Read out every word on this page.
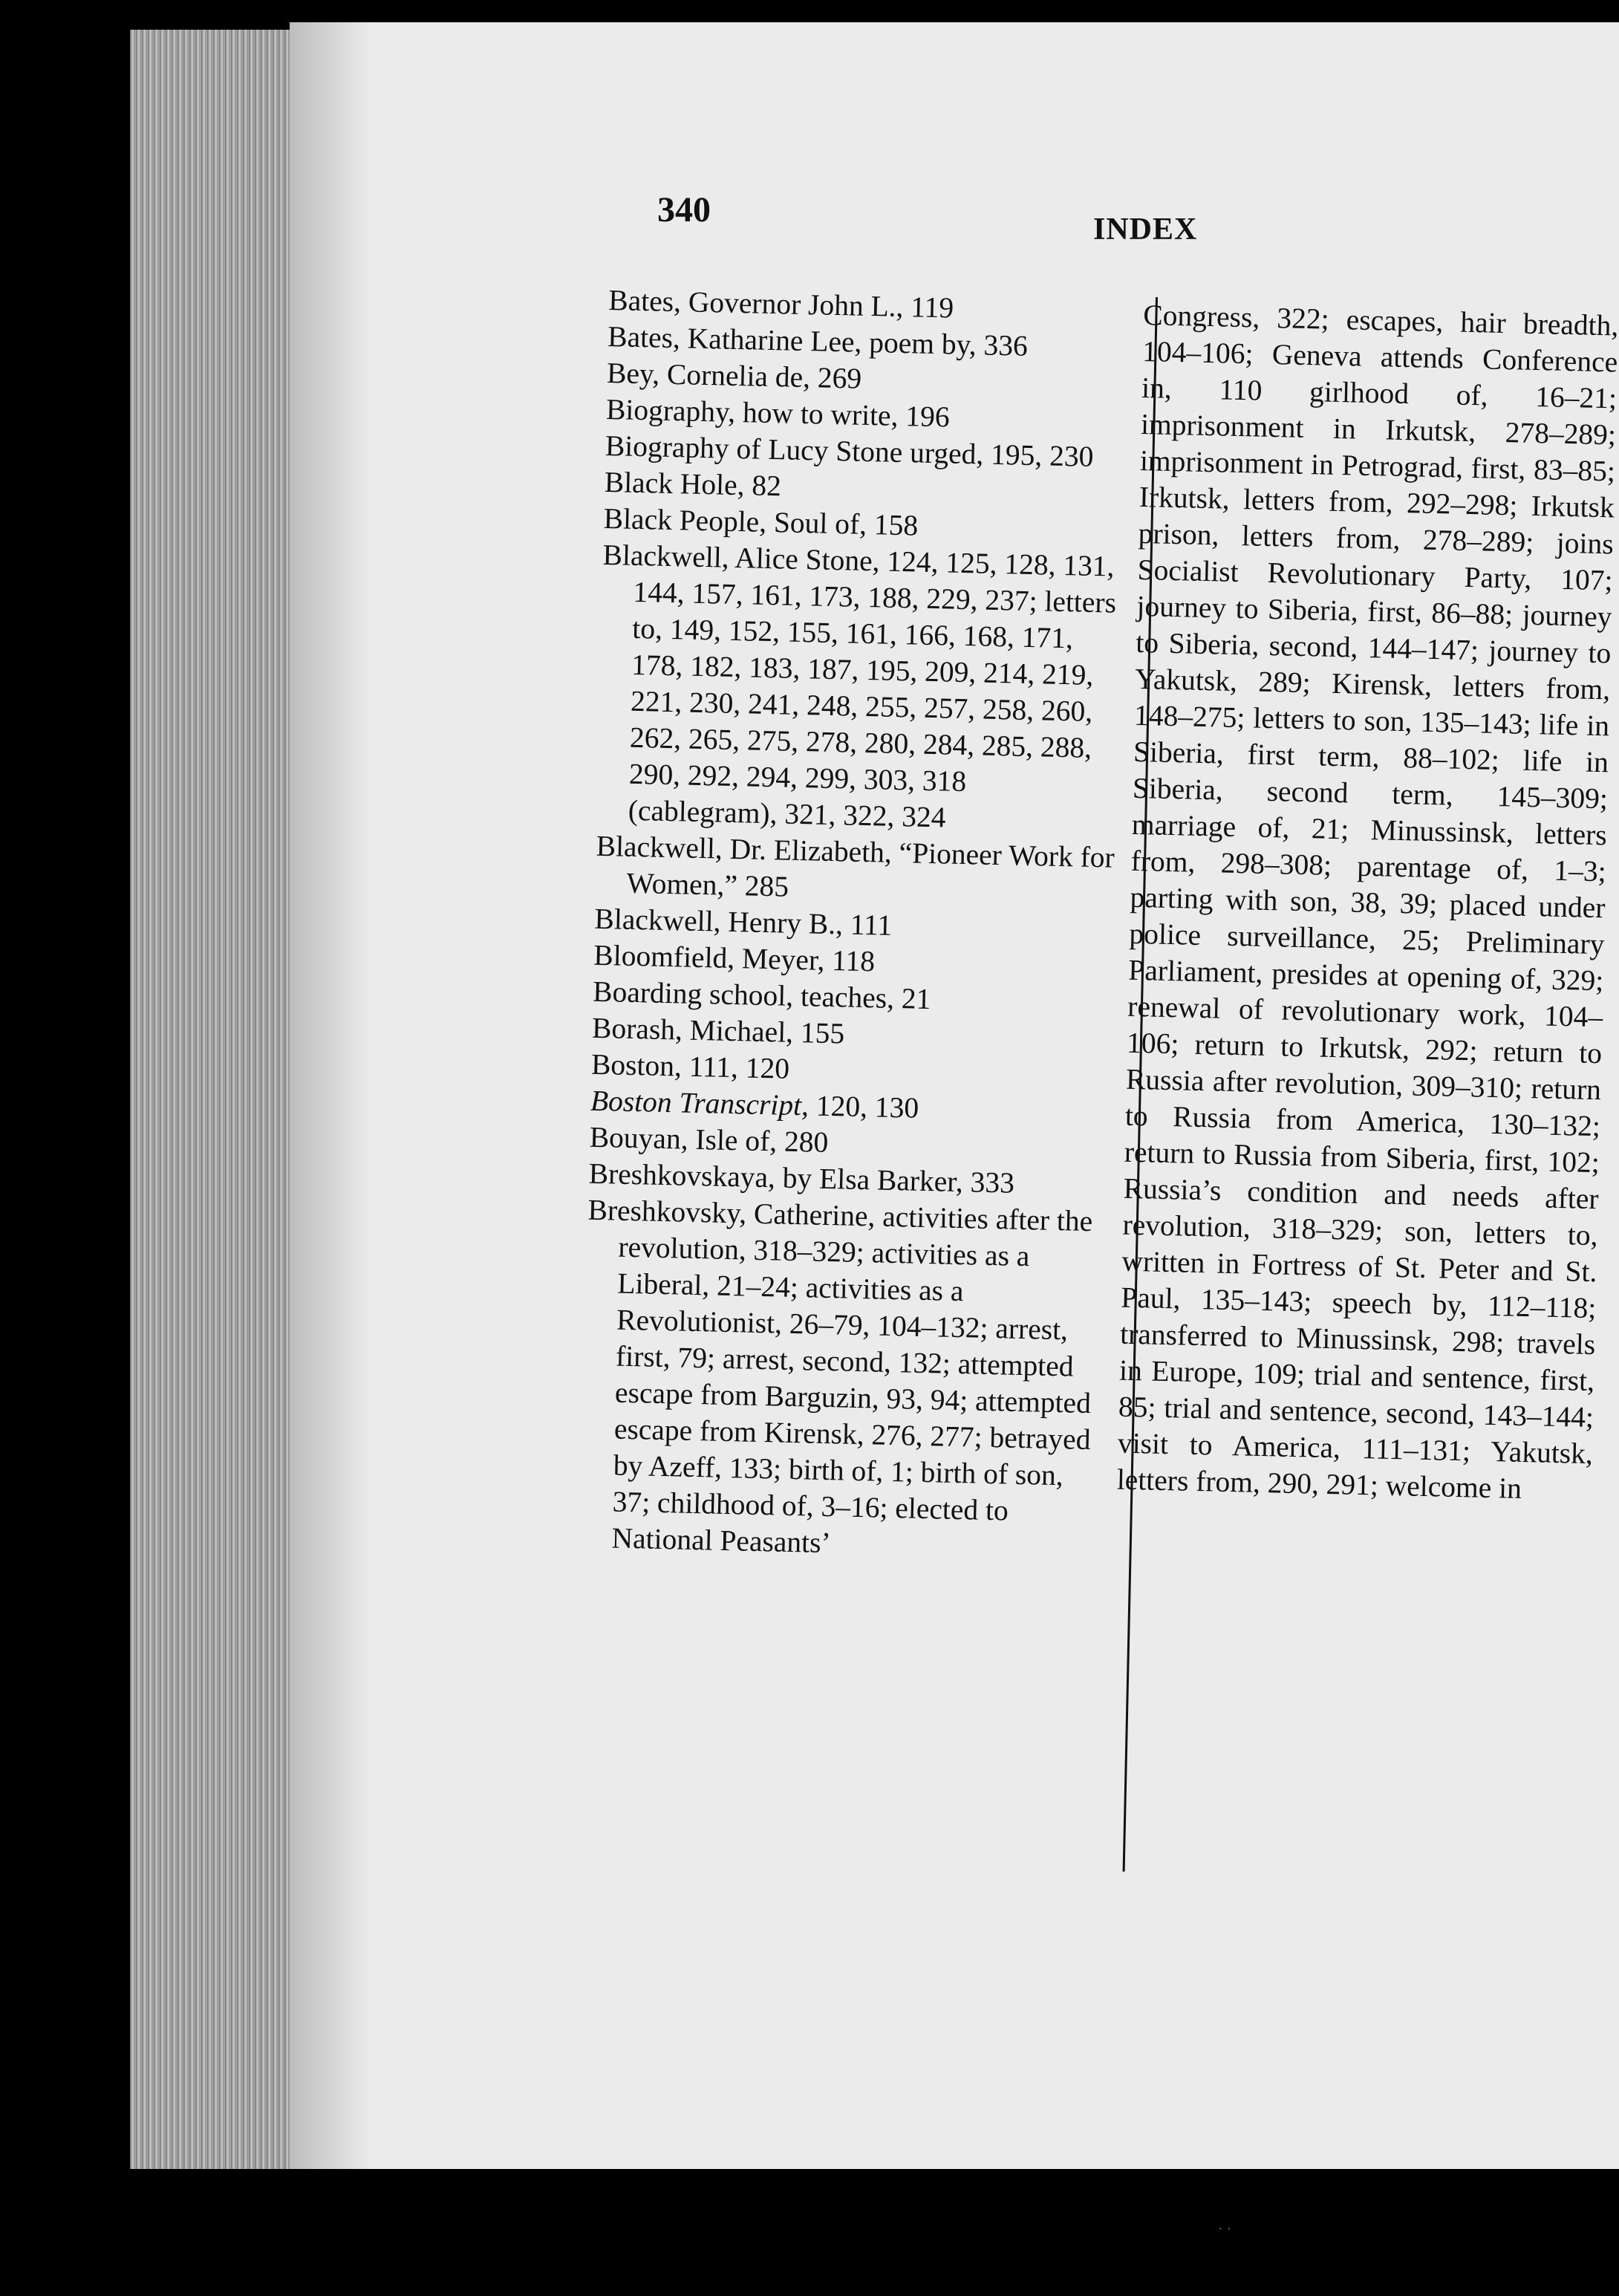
340	INDEX
Bates, Governor John L., 119
Bates, Katharine Lee, poem by, 336
Bey, Cornelia de, 269
Biography, how to write, 196
Biography of Lucy Stone urged, 195, 230
Black Hole, 82
Black People, Soul of, 158
Blackwell, Alice Stone, 124, 125, 128, 131, 144, 157, 161, 173, 188, 229, 237; letters to, 149, 152, 155, 161, 166, 168, 171, 178, 182, 183, 187, 195, 209, 214, 219, 221, 230, 241, 248, 255, 257, 258, 260, 262, 265, 275, 278, 280, 284, 285, 288, 290, 292, 294, 299, 303, 318 (cablegram), 321, 322, 324
Blackwell, Dr. Elizabeth, “Pioneer Work for Women,” 285
Blackwell, Henry B., 111
Bloomfield, Meyer, 118
Boarding school, teaches, 21
Borash, Michael, 155
Boston, 111, 120
Boston Transcript, 120, 130
Bouyan, Isle of, 280
Breshkovskaya, by Elsa Barker, 333
Breshkovsky, Catherine, activities after the revolution, 318–329; activities as a Liberal, 21–24; activities as a Revolutionist, 26–79, 104–132; arrest, first, 79; arrest, second, 132; attempted escape from Barguzin, 93, 94; attempted escape from Kirensk, 276, 277; betrayed by Azeff, 133; birth of, 1; birth of son, 37; childhood of, 3–16; elected to National Peasants’
Congress, 322; escapes, hair breadth, 104–106; Geneva attends Conference in, 110 girlhood of, 16–21; imprisonment in Irkutsk, 278–289; imprisonment in Petrograd, first, 83–85; Irkutsk, letters from, 292–298; Irkutsk prison, letters from, 278–289; joins Socialist Revolutionary Party, 107; journey to Siberia, first, 86–88; journey to Siberia, second, 144–147; journey to Yakutsk, 289; Kirensk, letters from, 148–275; letters to son, 135–143; life in Siberia, first term, 88–102; life in Siberia, second term, 145–309; marriage of, 21; Minussinsk, letters from, 298–308; parentage of, 1–3; parting with son, 38, 39; placed under police surveillance, 25; Preliminary Parliament, presides at opening of, 329; renewal of revolutionary work, 104–106; return to Irkutsk, 292; return to Russia after revolution, 309–310; return to Russia from America, 130–132; return to Russia from Siberia, first, 102; Russia’s condition and needs after revolution, 318–329; son, letters to, written in Fortress of St. Peter and St. Paul, 135–143; speech by, 112–118; transferred to Minussinsk, 298; travels in Europe, 109; trial and sentence, first, 85; trial and sentence, second, 143–144; visit to America, 111–131; Yakutsk, letters from, 290, 291; welcome in
· ·
